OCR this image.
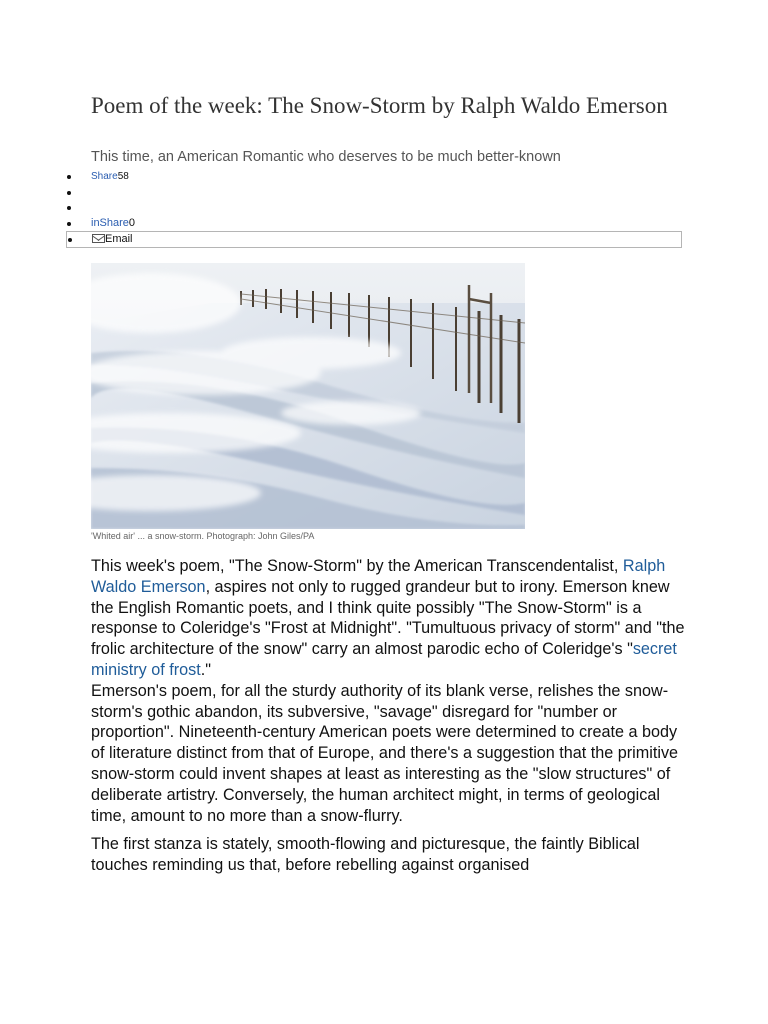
Poem of the week: The Snow-Storm by Ralph Waldo Emerson

This time, an American Romantic who deserves to be much better-known

Share58
inShare0
Email

'Whited air' ... a snow-storm. Photograph: John Giles/PA

This week's poem, "The Snow-Storm" by the American Transcendentalist, Ralph Waldo Emerson, aspires not only to rugged grandeur but to irony. Emerson knew the English Romantic poets, and I think quite possibly "The Snow-Storm" is a response to Coleridge's "Frost at Midnight". "Tumultuous privacy of storm" and "the frolic architecture of the snow" carry an almost parodic echo of Coleridge's "secret ministry of frost."

Emerson's poem, for all the sturdy authority of its blank verse, relishes the snow-storm's gothic abandon, its subversive, "savage" disregard for "number or proportion". Nineteenth-century American poets were determined to create a body of literature distinct from that of Europe, and there's a suggestion that the primitive snow-storm could invent shapes at least as interesting as the "slow structures" of deliberate artistry. Conversely, the human architect might, in terms of geological time, amount to no more than a snow-flurry.

The first stanza is stately, smooth-flowing and picturesque, the faintly Biblical touches reminding us that, before rebelling against organised
